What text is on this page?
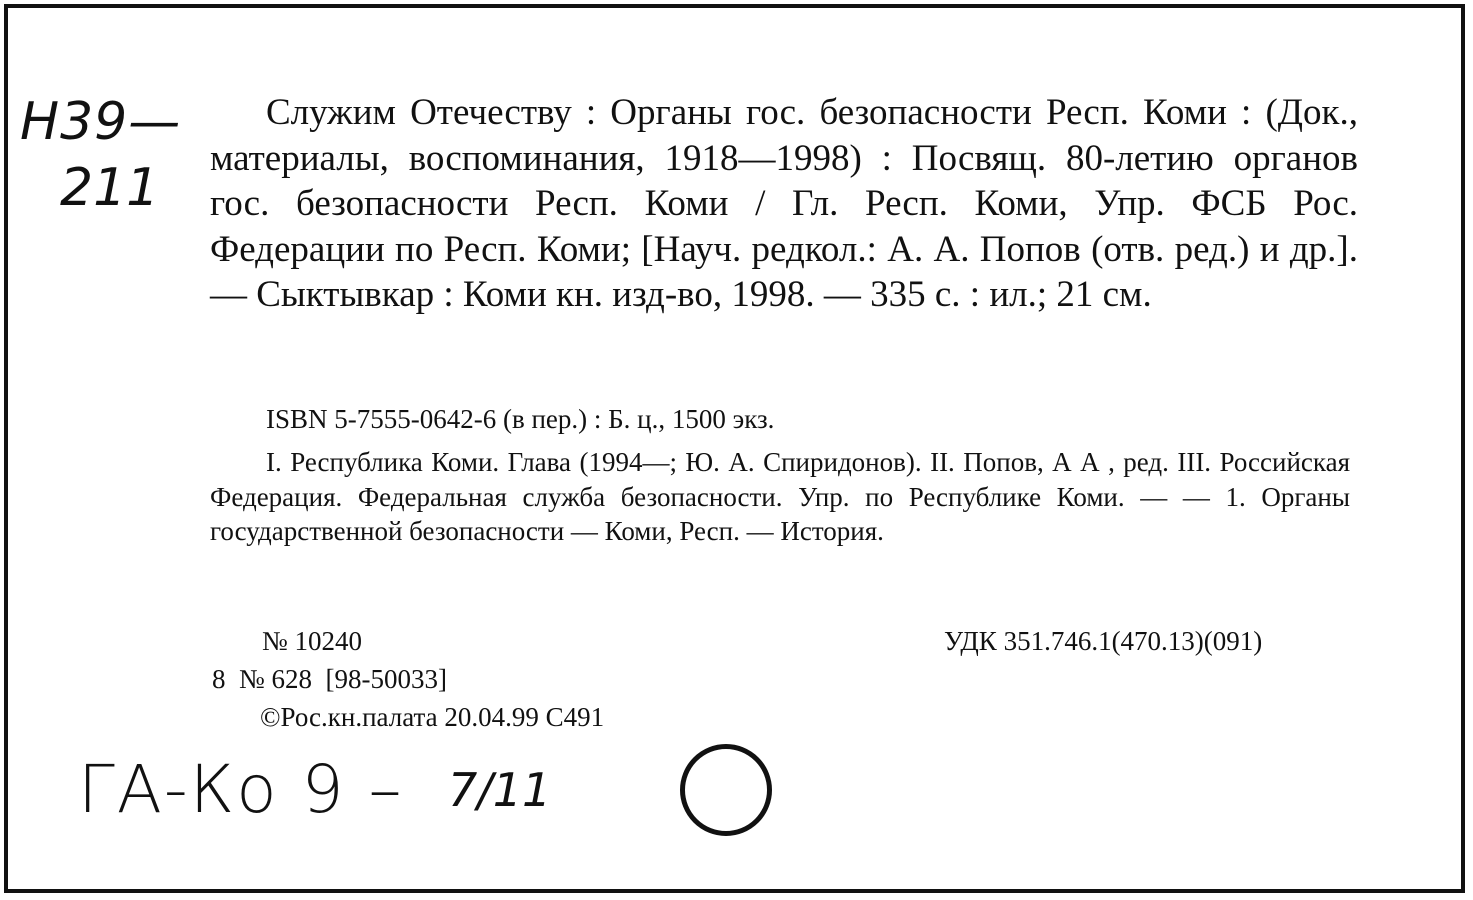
Н39—
211

Служим Отечеству : Органы гос. безопасности Респ. Коми : (Док., материалы, воспоминания, 1918—1998) : Посвящ. 80-летию органов гос. безопасности Респ. Коми / Гл. Респ. Коми, Упр. ФСБ Рос. Федерации по Респ. Коми; [Науч. редкол.: А. А. Попов (отв. ред.) и др.]. — Сыктывкар : Коми кн. изд-во, 1998. — 335 с. : ил.; 21 см.

ISBN 5-7555-0642-6 (в пер.) : Б. ц., 1500 экз.

I. Республика Коми. Глава (1994—; Ю. А. Спиридонов). II. Попов, А А , ред. III. Российская Федерация. Федеральная служба безопасности. Упр. по Республике Коми. — — 1. Органы государственной безопасности — Коми, Респ. — История.

№ 10240	УДК 351.746.1(470.13)(091)
8  № 628  [98-50033]
©Рос.кн.палата 20.04.99 С491
ГА-Ко 9 – 7/11
